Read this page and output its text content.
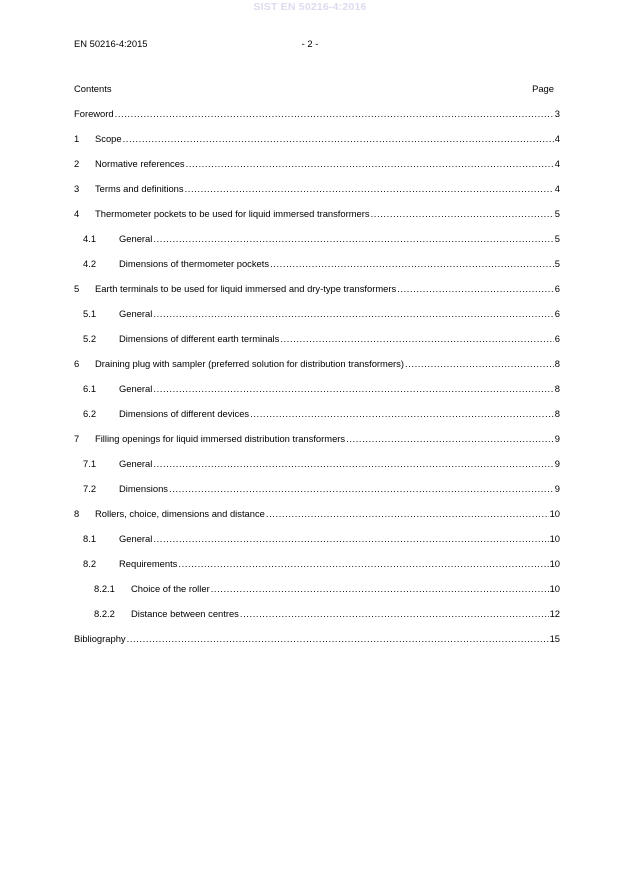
SIST EN 50216-4:2016
EN 50216-4:2015	- 2 -
Contents	Page
Foreword .....	3
1	Scope .....	4
2	Normative references .....	4
3	Terms and definitions .....	4
4	Thermometer pockets to be used for liquid immersed transformers .....	5
4.1	General .....	5
4.2	Dimensions of thermometer pockets .....	5
5	Earth terminals to be used for liquid immersed and dry-type transformers .....	6
5.1	General .....	6
5.2	Dimensions of different earth terminals .....	6
6	Draining plug with sampler (preferred solution for distribution transformers) .....	8
6.1	General .....	8
6.2	Dimensions of different devices .....	8
7	Filling openings for liquid immersed distribution transformers .....	9
7.1	General .....	9
7.2	Dimensions .....	9
8	Rollers, choice, dimensions and distance .....	10
8.1	General .....	10
8.2	Requirements .....	10
8.2.1	Choice of the roller .....	10
8.2.2	Distance between centres .....	12
Bibliography .....	15
